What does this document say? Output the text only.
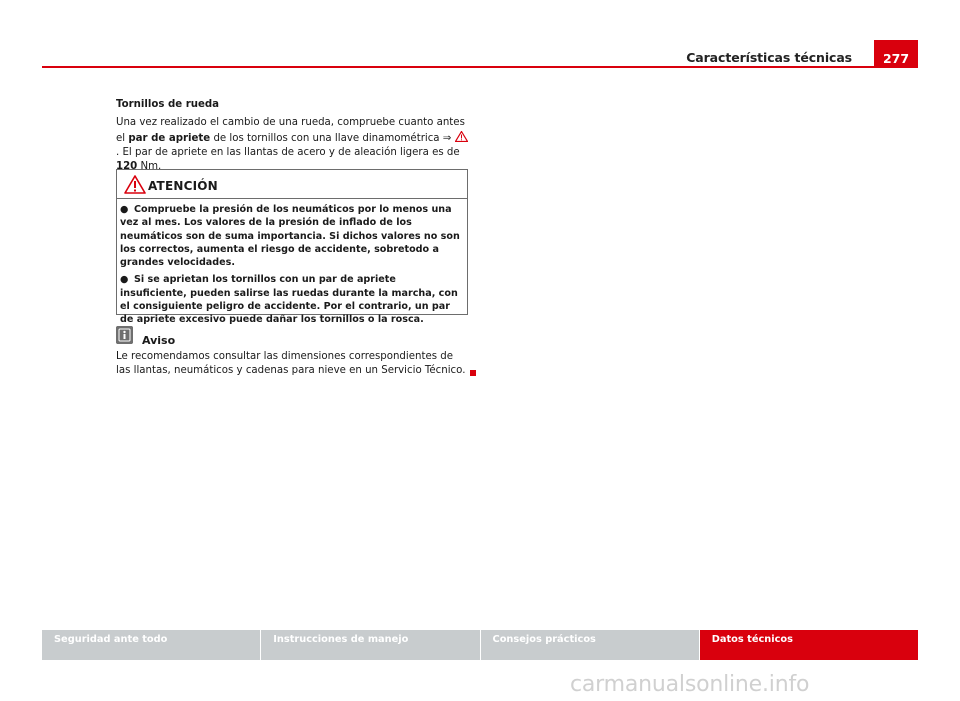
Características técnicas	277
Tornillos de rueda
Una vez realizado el cambio de una rueda, compruebe cuanto antes el par de apriete de los tornillos con una llave dinamométrica ⇒ . El par de apriete en las llantas de acero y de aleación ligera es de 120 Nm.
ATENCIÓN
● Compruebe la presión de los neumáticos por lo menos una vez al mes. Los valores de la presión de inflado de los neumáticos son de suma importancia. Si dichos valores no son los correctos, aumenta el riesgo de accidente, sobretodo a grandes velocidades.
● Si se aprietan los tornillos con un par de apriete insuficiente, pueden salirse las ruedas durante la marcha, con el consiguiente peligro de accidente. Por el contrario, un par de apriete excesivo puede dañar los tornillos o la rosca.
Aviso
Le recomendamos consultar las dimensiones correspondientes de las llantas, neumáticos y cadenas para nieve en un Servicio Técnico.
Seguridad ante todo	Instrucciones de manejo	Consejos prácticos	Datos técnicos
carmanualsonline.info
